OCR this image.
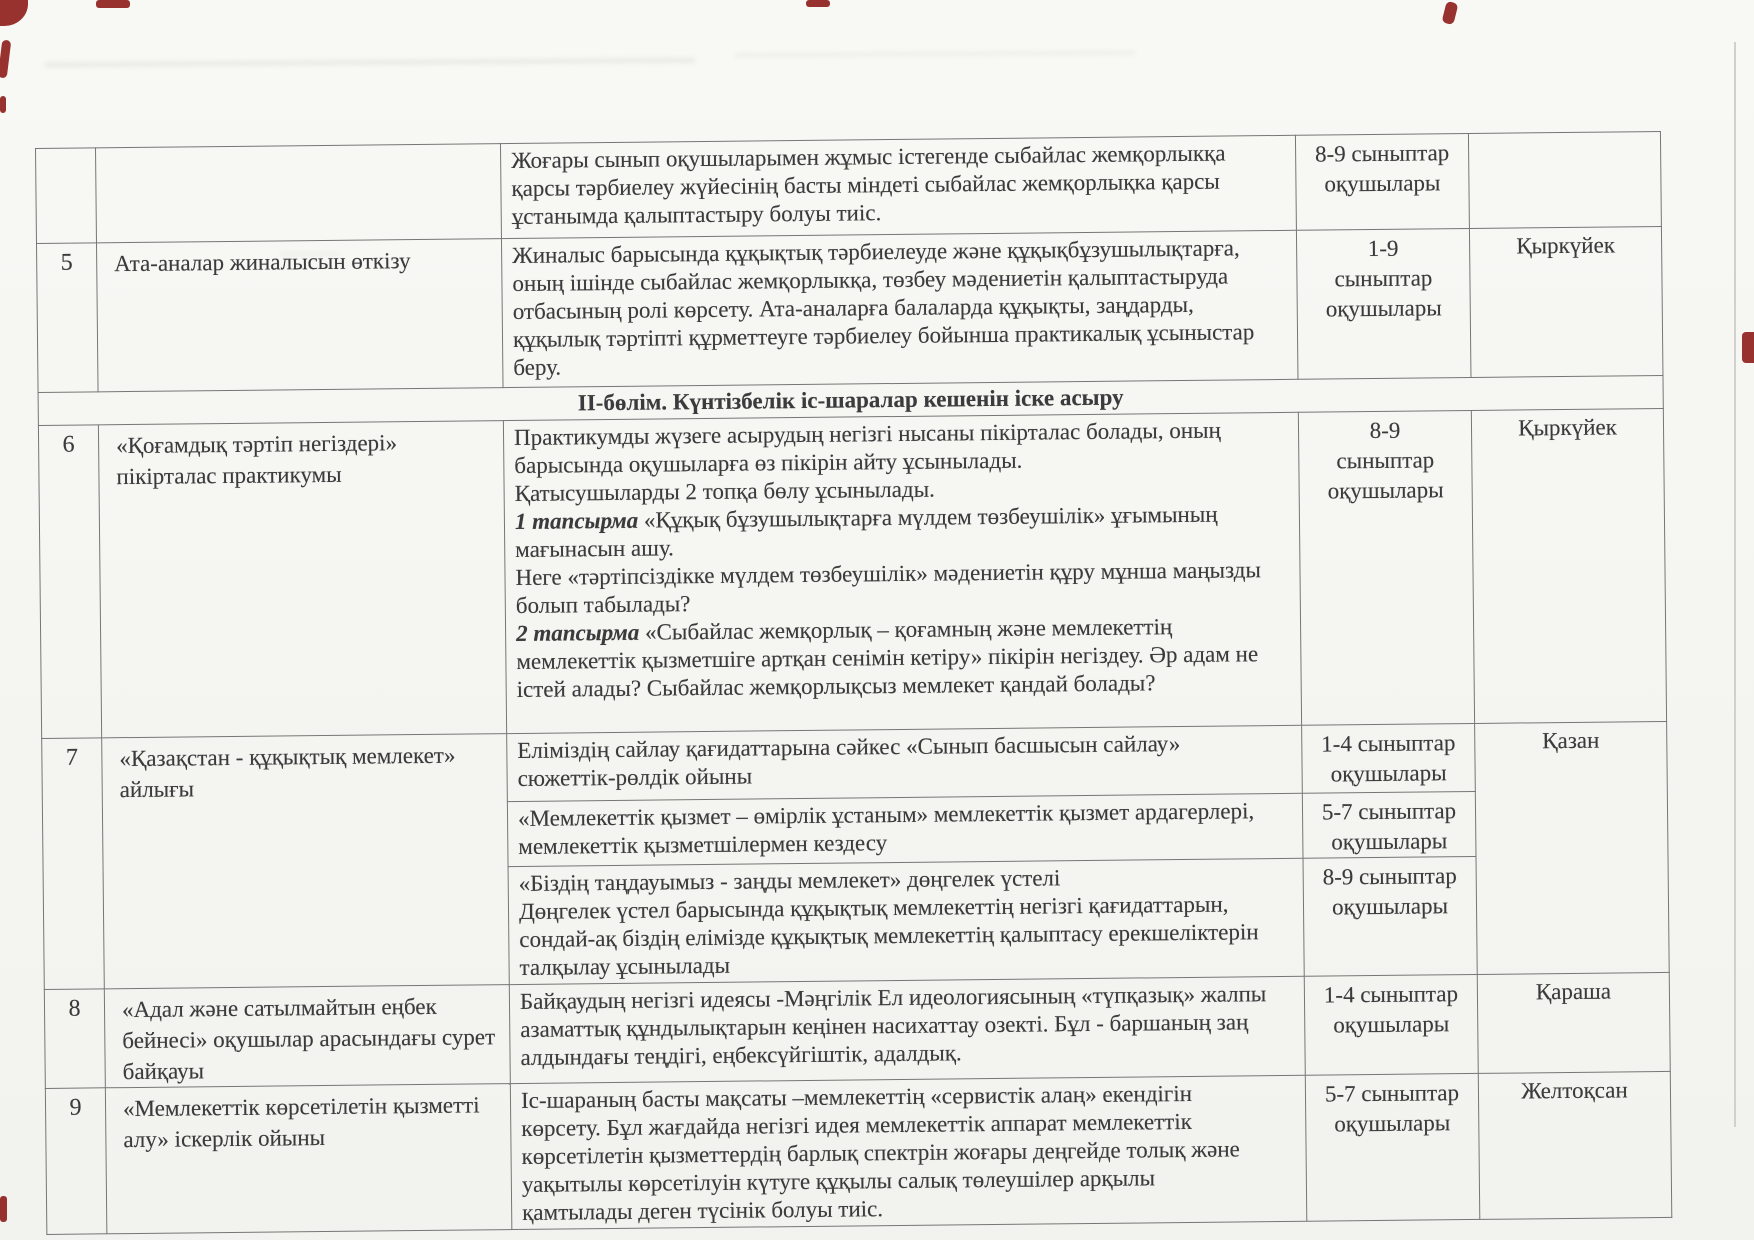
		Жоғары сынып оқушыларымен жұмыс істегенде сыбайлас жемқорлыкқа қарсы тәрбиелеу жүйесінің басты міндеті сыбайлас жемқорлықка қарсы ұстанымда қалыптастыру болуы тиіс.	8-9 сыныптар
оқушылары	
5	Ата-аналар жиналысын өткізу	Жиналыс барысында құқықтық тәрбиелеуде және құқықбұзушылықтарға, оның ішінде сыбайлас жемқорлыкқа, төзбеу мәдениетін қалыптастыруда отбасының ролі көрсету. Ата-аналарға балаларда құқықты, заңдарды, құқылық тәртіпті құрметтеуге тәрбиелеу бойынша практикалық ұсыныстар беру.
	1-9
сыныптар
оқушылары	Қыркүйек
ІІ-бөлім. Күнтізбелік іс-шаралар кешенін іске асыру				
6	«Қоғамдық тәртіп негіздері» пікірталас практикумы	
Практикумды жүзеге асырудың негізгі нысаны пікірталас болады, оның барысында оқушыларға өз пікірін айту ұсынылады.
Қатысушыларды 2 топқа бөлу ұсынылады.
1 тапсырма «Құқық бұзушылықтарға мүлдем төзбеушілік» ұғымының мағынасын ашу.
Неге «тәртіпсіздікке мүлдем төзбеушілік» мәдениетін құру мұнша маңызды болып табылады?
2 тапсырма «Сыбайлас жемқорлық – қоғамның және мемлекеттің мемлекеттік қызметшіге артқан сенімін кетіру» пікірін негіздеу. Әр адам не істей алады? Сыбайлас жемқорлықсыз мемлекет қандай болады?
	8-9
сыныптар
оқушылары	Қыркүйек
7	«Қазақстан - құқықтық мемлекет» айлығы	Еліміздің сайлау қағидаттарына сәйкес «Сынып басшысын сайлау» сюжеттік-рөлдік ойыны	1-4 сыныптар
оқушылары	Қазан

		«Мемлекеттік қызмет – өмірлік ұстаным» мемлекеттік қызмет ардагерлері, мемлекеттік қызметшілермен кездесу	5-7 сыныптар
оқушылары	

		«Біздің таңдауымыз - заңды мемлекет» дөңгелек үстелі
Дөңгелек үстел барысында құқықтық мемлекеттің негізгі қағидаттарын, сондай-ақ біздің елімізде құқықтық мемлекеттің қалыптасу ерекшеліктерін талқылау ұсынылады	8-9 сыныптар
оқушылары	
8	«Адал және сатылмайтын еңбек бейнесі» оқушылар арасындағы сурет байқауы	Байқаудың негізгі идеясы -Мәңгілік Ел идеологиясының «түпқазық» жалпы азаматтық құндылықтарын кеңінен насихаттау озекті. Бұл - баршаның заң алдындағы теңдігі, еңбексүйгіштік, адалдық.	1-4 сыныптар
оқушылары	Қараша
9	«Мемлекеттік көрсетілетін қызметті алу» іскерлік ойыны	Іс-шараның басты мақсаты –мемлекеттің «сервистік алаң» екендігін көрсету. Бұл жағдайда негізгі идея мемлекеттік аппарат мемлекеттік көрсетілетін қызметтердің барлық спектрін жоғары деңгейде толық және уақытылы көрсетілуін күтуге құқылы салық төлеушілер арқылы қамтылады деген түсінік болуы тиіс.	5-7 сыныптар
оқушылары	Желтоқсан
